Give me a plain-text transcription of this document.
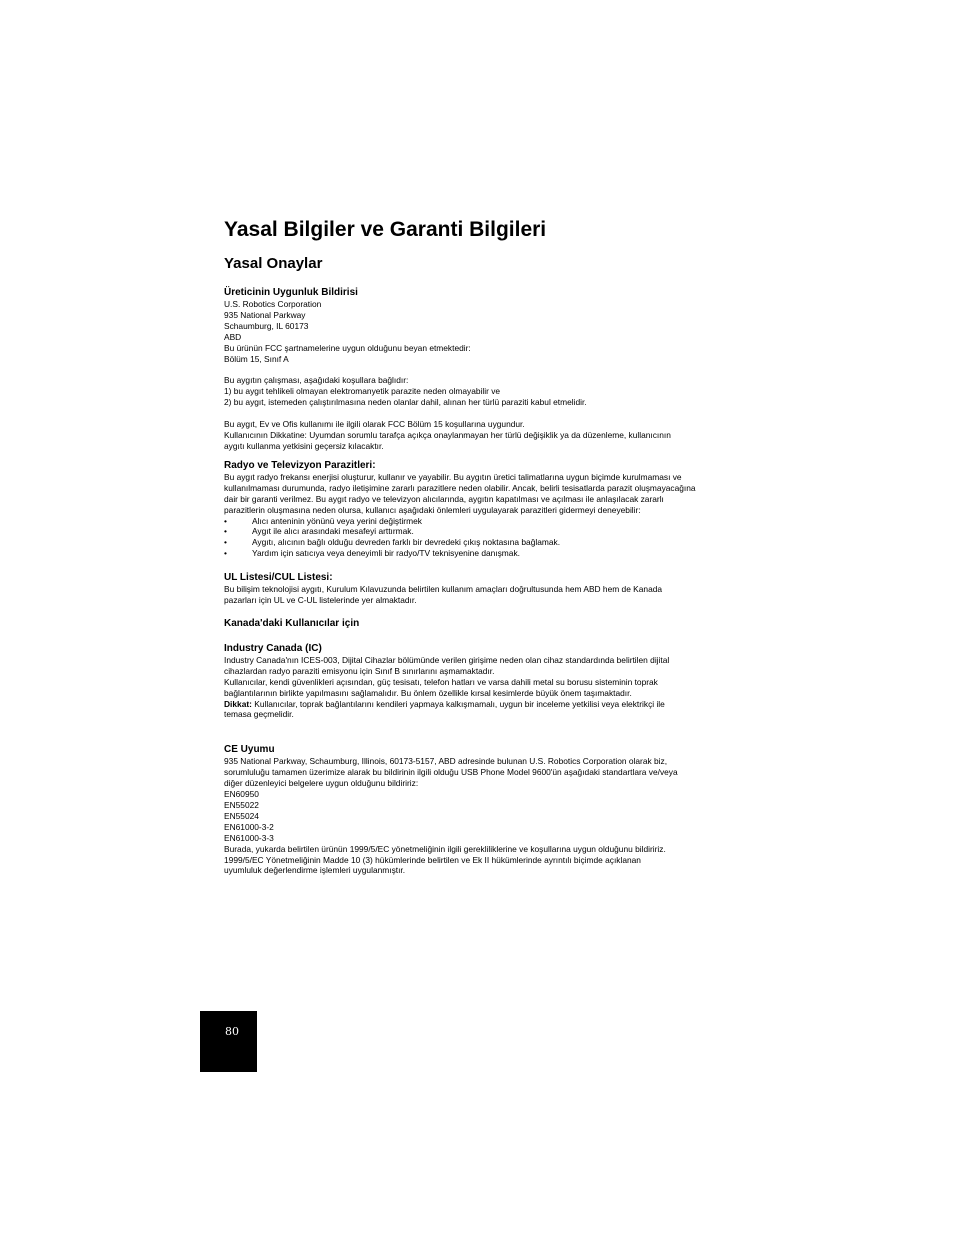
Yasal Bilgiler ve Garanti Bilgileri
Yasal Onaylar
Üreticinin Uygunluk Bildirisi

U.S. Robotics Corporation

935 National Parkway

Schaumburg, IL 60173

ABD

Bu ürünün FCC şartnamelerine uygun olduğunu beyan etmektedir:

Bölüm 15, Sınıf A

Bu aygıtın çalışması, aşağıdaki koşullara bağlıdır:

1) bu aygıt tehlikeli olmayan elektromanyetik parazite neden olmayabilir ve

2) bu aygıt, istemeden çalıştırılmasına neden olanlar dahil, alınan her türlü paraziti kabul etmelidir.

Bu aygıt, Ev ve Ofis kullanımı ile ilgili olarak FCC Bölüm 15 koşullarına uygundur.

Kullanıcının Dikkatine: Uyumdan sorumlu tarafça açıkça onaylanmayan her türlü değişiklik ya da düzenleme, kullanıcının

aygıtı kullanma yetkisini geçersiz kılacaktır.

Radyo ve Televizyon Parazitleri:

Bu aygıt radyo frekansı enerjisi oluşturur, kullanır ve yayabilir. Bu aygıtın üretici talimatlarına uygun biçimde kurulmaması ve

kullanılmaması durumunda, radyo iletişimine zararlı parazitlere neden olabilir. Ancak, belirli tesisatlarda parazit oluşmayacağına

dair bir garanti verilmez. Bu aygıt radyo ve televizyon alıcılarında, aygıtın kapatılması ve açılması ile anlaşılacak zararlı

parazitlerin oluşmasına neden olursa, kullanıcı aşağıdaki önlemleri uygulayarak parazitleri gidermeyi deneyebilir:

•	Alıcı anteninin yönünü veya yerini değiştirmek
•	Aygıt ile alıcı arasındaki mesafeyi arttırmak.
•	Aygıtı, alıcının bağlı olduğu devreden farklı bir devredeki çıkış noktasına bağlamak.
•	Yardım için satıcıya veya deneyimli bir radyo/TV teknisyenine danışmak.
UL Listesi/CUL Listesi:

Bu bilişim teknolojisi aygıtı, Kurulum Kılavuzunda belirtilen kullanım amaçları doğrultusunda hem ABD hem de Kanada

pazarları için UL ve C-UL listelerinde yer almaktadır.

Kanada'daki Kullanıcılar için
Industry Canada (IC)

Industry Canada'nın ICES-003, Dijital Cihazlar bölümünde verilen girişime neden olan cihaz standardında belirtilen dijital

cihazlardan radyo paraziti emisyonu için Sınıf B sınırlarını aşmamaktadır.

Kullanıcılar, kendi güvenlikleri açısından, güç tesisatı, telefon hatları ve varsa dahili metal su borusu sisteminin toprak

bağlantılarının birlikte yapılmasını sağlamalıdır. Bu önlem özellikle kırsal kesimlerde büyük önem taşımaktadır.

Dikkat: Kullanıcılar, toprak bağlantılarını kendileri yapmaya kalkışmamalı, uygun bir inceleme yetkilisi veya elektrikçi ile

temasa geçmelidir.

CE Uyumu

935 National Parkway, Schaumburg, Illinois, 60173-5157, ABD adresinde bulunan U.S. Robotics Corporation olarak biz,

sorumluluğu tamamen üzerimize alarak bu bildirinin ilgili olduğu USB Phone Model 9600'ün aşağıdaki standartlara ve/veya

diğer düzenleyici belgelere uygun olduğunu bildiririz:

EN60950

EN55022

EN55024

EN61000-3-2

EN61000-3-3

Burada, yukarda belirtilen ürünün 1999/5/EC yönetmeliğinin ilgili gerekliliklerine ve koşullarına uygun olduğunu bildiririz.

1999/5/EC Yönetmeliğinin Madde 10 (3) hükümlerinde belirtilen ve Ek II hükümlerinde ayrıntılı biçimde açıklanan

uyumluluk değerlendirme işlemleri uygulanmıştır.

80
